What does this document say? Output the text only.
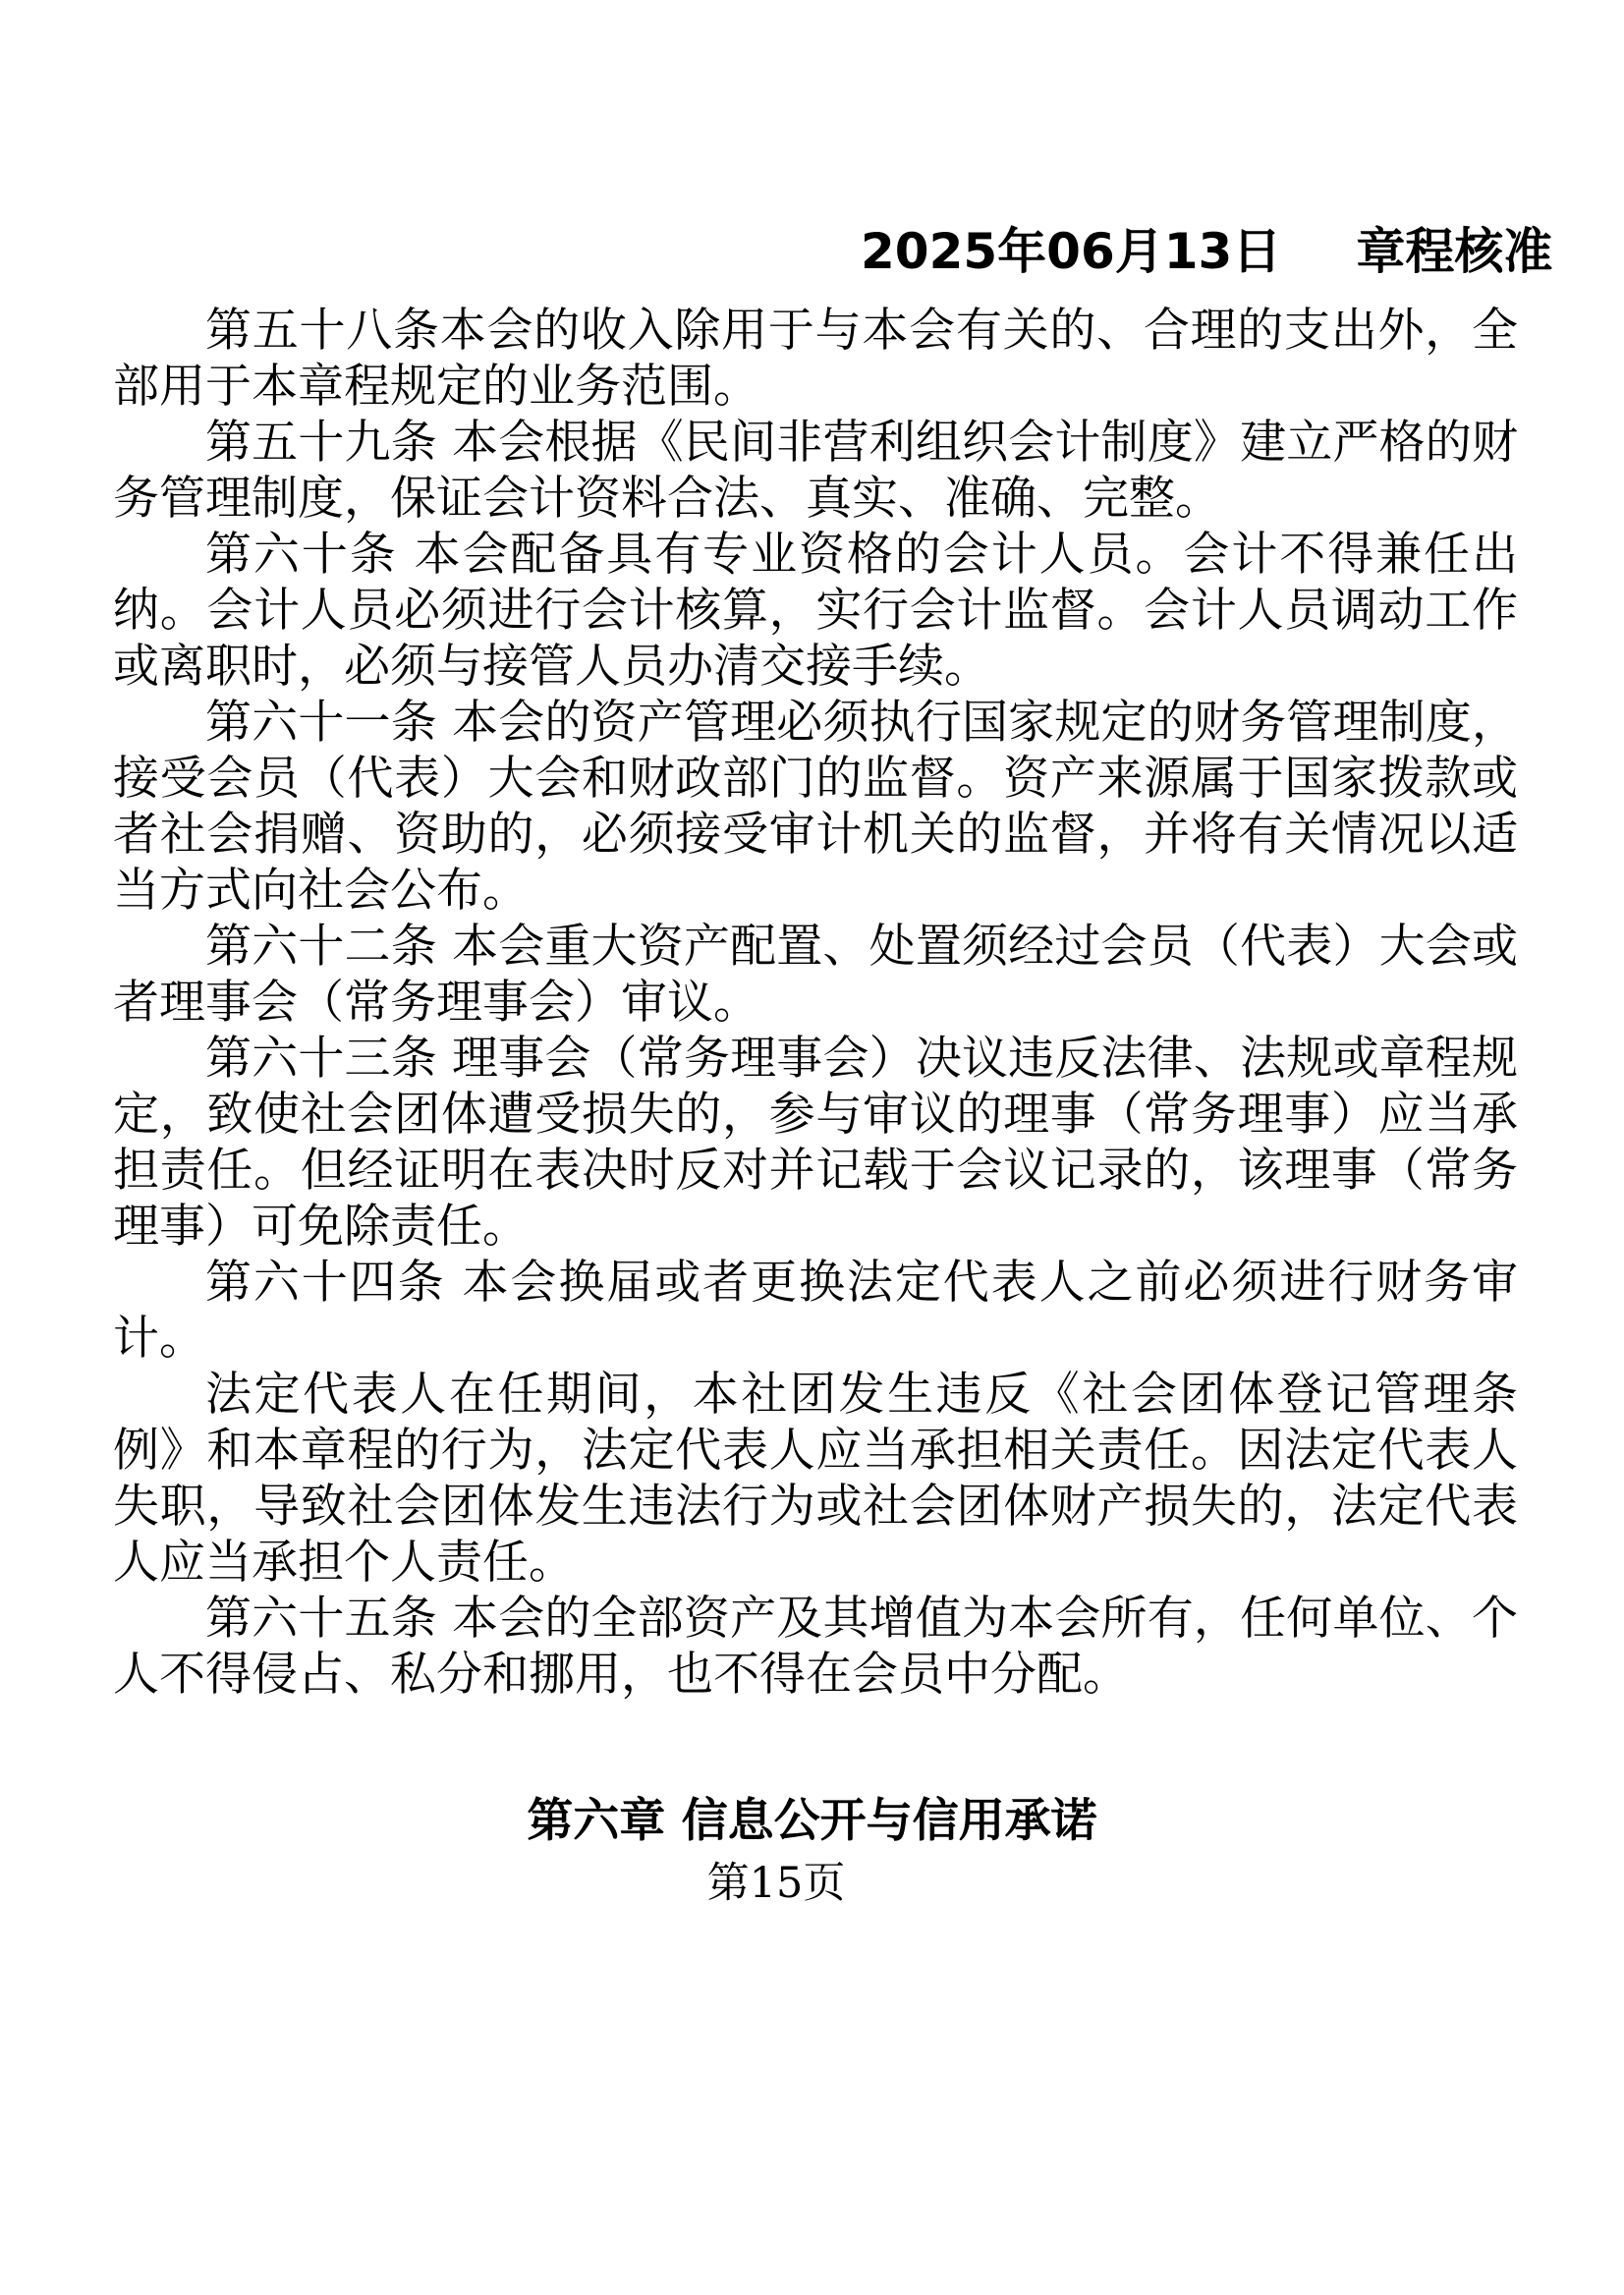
2025年06月13日 章程核准

第五十八条本会的收入除用于与本会有关的、合理的支出外，全部用于本章程规定的业务范围。

第五十九条 本会根据《民间非营利组织会计制度》建立严格的财务管理制度，保证会计资料合法、真实、准确、完整。

第六十条 本会配备具有专业资格的会计人员。会计不得兼任出纳。会计人员必须进行会计核算，实行会计监督。会计人员调动工作或离职时，必须与接管人员办清交接手续。

第六十一条 本会的资产管理必须执行国家规定的财务管理制度，接受会员（代表）大会和财政部门的监督。资产来源属于国家拨款或者社会捐赠、资助的，必须接受审计机关的监督，并将有关情况以适当方式向社会公布。

第六十二条 本会重大资产配置、处置须经过会员（代表）大会或者理事会（常务理事会）审议。

第六十三条 理事会（常务理事会）决议违反法律、法规或章程规定，致使社会团体遭受损失的，参与审议的理事（常务理事）应当承担责任。但经证明在表决时反对并记载于会议记录的，该理事（常务理事）可免除责任。

第六十四条 本会换届或者更换法定代表人之前必须进行财务审计。

法定代表人在任期间，本社团发生违反《社会团体登记管理条例》和本章程的行为，法定代表人应当承担相关责任。因法定代表人失职，导致社会团体发生违法行为或社会团体财产损失的，法定代表人应当承担个人责任。

第六十五条 本会的全部资产及其增值为本会所有，任何单位、个人不得侵占、私分和挪用，也不得在会员中分配。

第六章 信息公开与信用承诺
第15页
